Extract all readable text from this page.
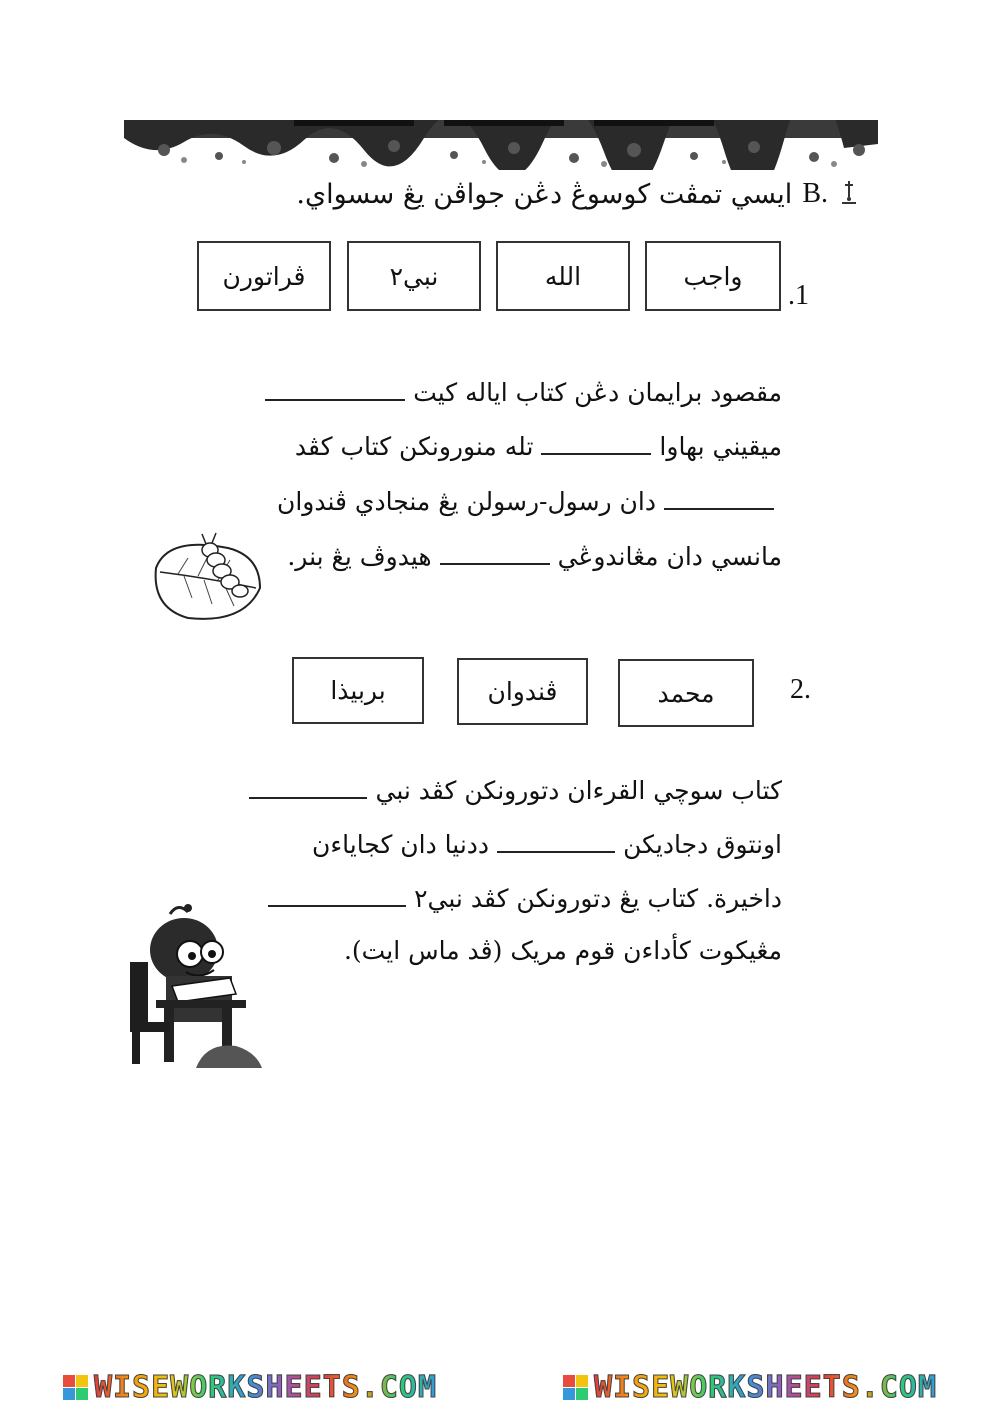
ايسي تمڤت كوسوڠ دڠن جواڤن يڠ سسواي. B.
.1
واجب
الله
نبي٢
ڤراتورن
مقصود برايمان دڠن كتاب اياله كيت
ميقيني بهاواتله منورونكن كتاب كڤد
دان رسول-رسولن يڠ منجادي ڤندوان
مانسي دان مڠاندوڠيهيدوڤ يڠ بنر.
2.
محمد
ڤندوان
بربيذا
كتاب سوچي القرءان دتورونكن كڤد نبي
اونتوق دجاديكنددنيا دان كجاياءن
داخيرة. كتاب يڠ دتورونكن كڤد نبي٢
مڠيكوت كأداءن قوم مريک (ڤد ماس ايت).
WISEWORKSHEETS.COM	WISEWORKSHEETS.COM
